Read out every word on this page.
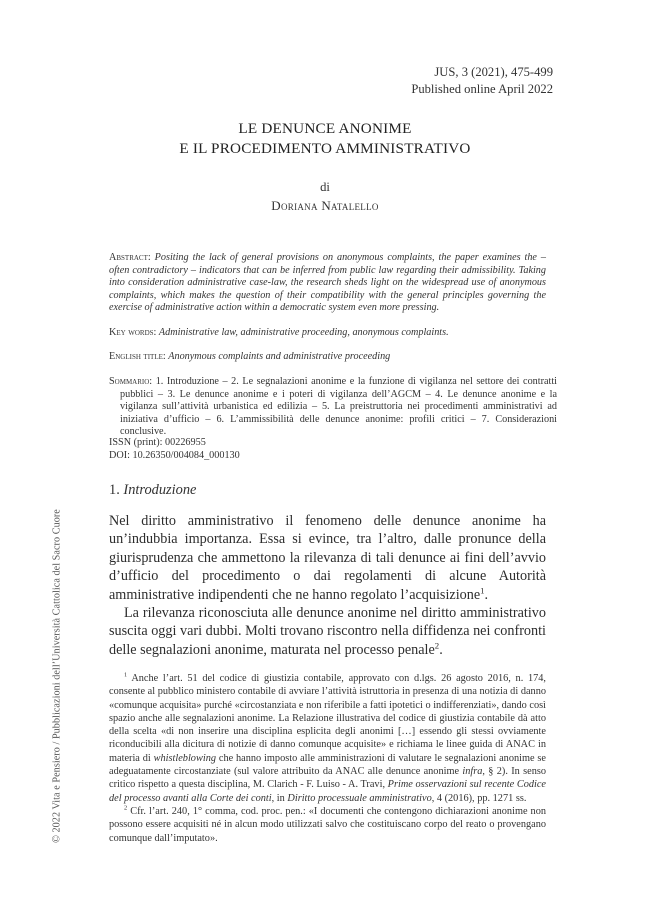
© 2022 Vita e Pensiero / Pubblicazioni dell’Università Cattolica del Sacro Cuore
JUS, 3 (2021), 475-499
Published online April 2022
LE DENUNCE ANONIME
E IL PROCEDIMENTO AMMINISTRATIVO
di
Doriana Natalello
Abstract: Positing the lack of general provisions on anonymous complaints, the paper examines the – often contradictory – indicators that can be inferred from public law regarding their admissibility. Taking into consideration administrative case-law, the research sheds light on the widespread use of anonymous complaints, which makes the question of their compatibility with the general principles governing the exercise of administrative action within a democratic system even more pressing.
Key words: Administrative law, administrative proceeding, anonymous complaints.
English title: Anonymous complaints and administrative proceeding
Sommario: 1. Introduzione – 2. Le segnalazioni anonime e la funzione di vigilanza nel settore dei contratti pubblici – 3. Le denunce anonime e i poteri di vigilanza dell’AGCM – 4. Le denunce anonime e la vigilanza sull’attività urbanistica ed edilizia – 5. La preistruttoria nei procedimenti amministrativi ad iniziativa d’ufficio – 6. L’ammissibilità delle denunce anonime: profili critici – 7. Considerazioni conclusive.
ISSN (print): 00226955
DOI: 10.26350/004084_000130
1. Introduzione

Nel diritto amministrativo il fenomeno delle denunce anonime ha un’indubbia importanza. Essa si evince, tra l’altro, dalle pronunce della giurisprudenza che ammettono la rilevanza di tali denunce ai fini dell’avvio d’ufficio del procedimento o dai regolamenti di alcune Autorità amministrative indipendenti che ne hanno regolato l’acquisizione$^1$.

La rilevanza riconosciuta alle denunce anonime nel diritto amministrativo suscita oggi vari dubbi. Molti trovano riscontro nella diffidenza nei confronti delle segnalazioni anonime, maturata nel processo penale$^2$.

$^1$ Anche l’art. 51 del codice di giustizia contabile, approvato con d.lgs. 26 agosto 2016, n. 174, consente al pubblico ministero contabile di avviare l’attività istruttoria in presenza di una notizia di danno «comunque acquisita» purché «circostanziata e non riferibile a fatti ipotetici o indifferenziati», dando così spazio anche alle segnalazioni anonime. La Relazione illustrativa del codice di giustizia contabile dà atto della scelta «di non inserire una disciplina esplicita degli anonimi […] essendo gli stessi ovviamente riconducibili alla dicitura di notizie di danno comunque acquisite» e richiama le linee guida di ANAC in materia di whistleblowing che hanno imposto alle amministrazioni di valutare le segnalazioni anonime se adeguatamente circostanziate (sul valore attribuito da ANAC alle denunce anonime infra, § 2). In senso critico rispetto a questa disciplina, M. Clarich - F. Luiso - A. Travi, Prime osservazioni sul recente Codice del processo avanti alla Corte dei conti, in Diritto processuale amministrativo, 4 (2016), pp. 1271 ss.

$^2$ Cfr. l’art. 240, 1° comma, cod. proc. pen.: «I documenti che contengono dichiarazioni anonime non possono essere acquisiti né in alcun modo utilizzati salvo che costituiscano corpo del reato o provengano comunque dall’imputato».
